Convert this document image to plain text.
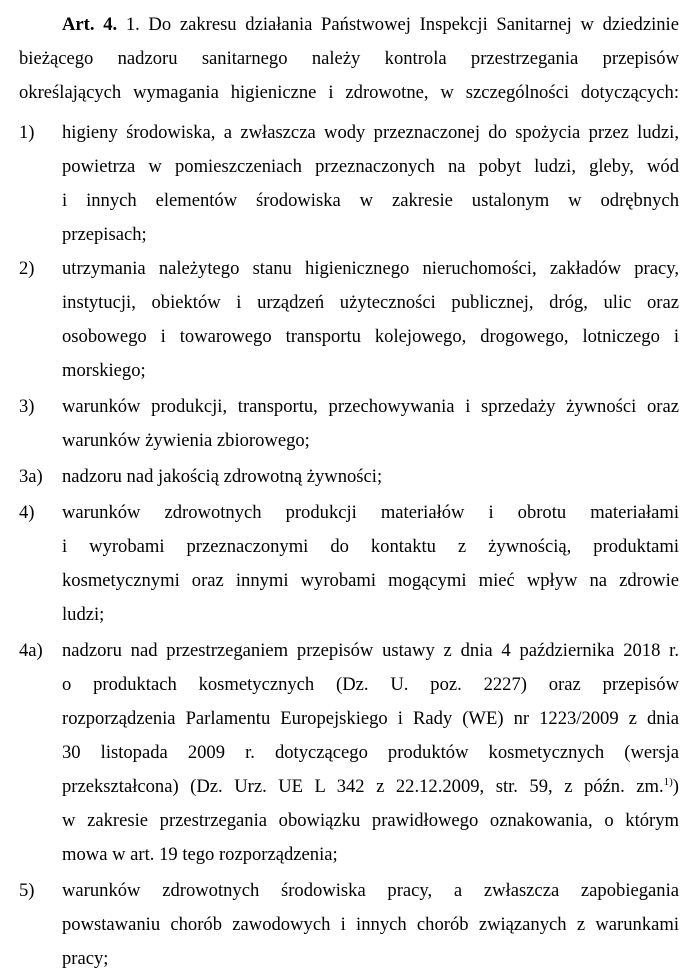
Art. 4. 1. Do zakresu działania Państwowej Inspekcji Sanitarnej w dziedzinie
bieżącego nadzoru sanitarnego należy kontrola przestrzegania przepisów
określających wymagania higieniczne i zdrowotne, w szczególności dotyczących:
1) higieny środowiska, a zwłaszcza wody przeznaczonej do spożycia przez ludzi,
powietrza w pomieszczeniach przeznaczonych na pobyt ludzi, gleby, wód
i innych elementów środowiska w zakresie ustalonym w odrębnych
przepisach;
2) utrzymania należytego stanu higienicznego nieruchomości, zakładów pracy,
instytucji, obiektów i urządzeń użyteczności publicznej, dróg, ulic oraz
osobowego i towarowego transportu kolejowego, drogowego, lotniczego i
morskiego;
3) warunków produkcji, transportu, przechowywania i sprzedaży żywności oraz
warunków żywienia zbiorowego;
3a) nadzoru nad jakością zdrowotną żywności;
4) warunków zdrowotnych produkcji materiałów i obrotu materiałami
i wyrobami przeznaczonymi do kontaktu z żywnością, produktami
kosmetycznymi oraz innymi wyrobami mogącymi mieć wpływ na zdrowie
ludzi;
4a) nadzoru nad przestrzeganiem przepisów ustawy z dnia 4 października 2018 r.
o produktach kosmetycznych (Dz. U. poz. 2227) oraz przepisów
rozporządzenia Parlamentu Europejskiego i Rady (WE) nr 1223/2009 z dnia
30 listopada 2009 r. dotyczącego produktów kosmetycznych (wersja
przekształcona) (Dz. Urz. UE L 342 z 22.12.2009, str. 59, z późn. zm.$^{1)}$)
w zakresie przestrzegania obowiązku prawidłowego oznakowania, o którym
mowa w art. 19 tego rozporządzenia;
5) warunków zdrowotnych środowiska pracy, a zwłaszcza zapobiegania
powstawaniu chorób zawodowych i innych chorób związanych z warunkami
pracy;
